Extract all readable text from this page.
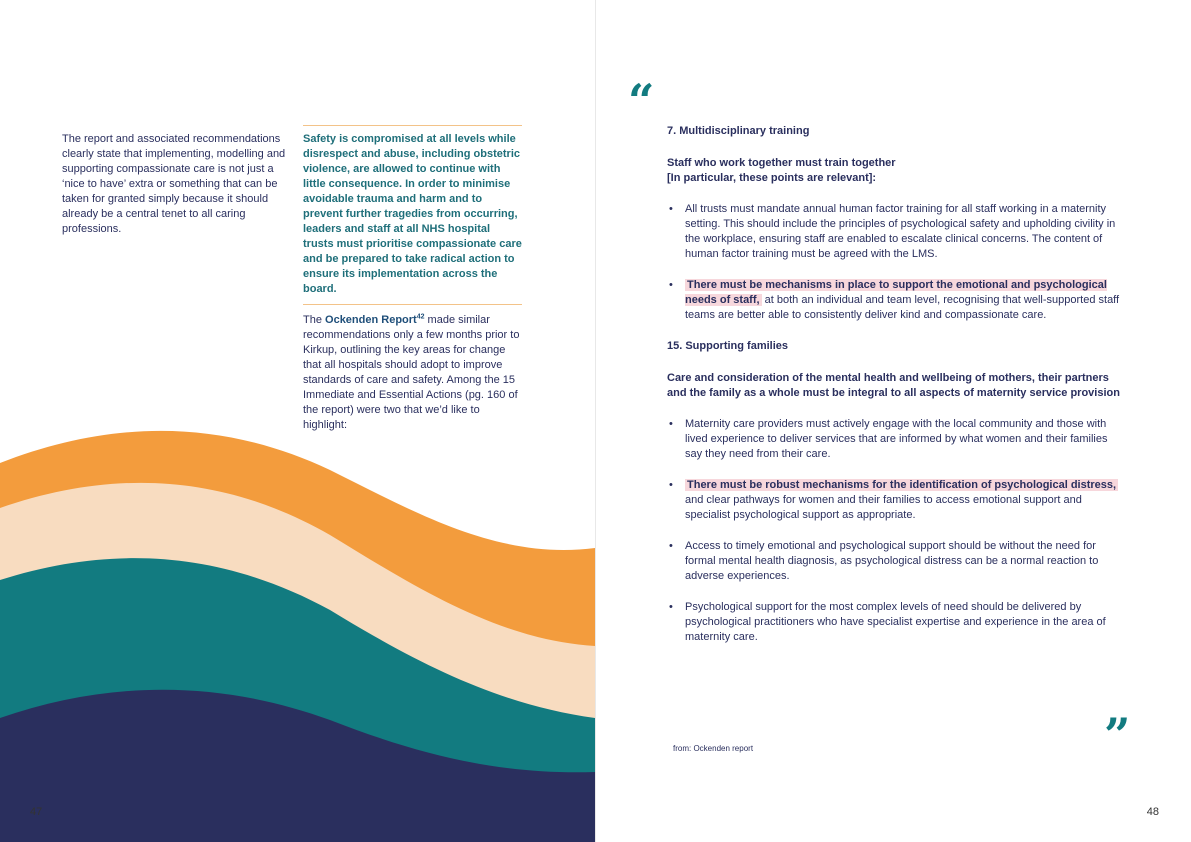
The report and associated recommendations clearly state that implementing, modelling and supporting compassionate care is not just a ‘nice to have’ extra or something that can be taken for granted simply because it should already be a central tenet to all caring professions.
Safety is compromised at all levels while disrespect and abuse, including obstetric violence, are allowed to continue with little consequence. In order to minimise avoidable trauma and harm and to prevent further tragedies from occurring, leaders and staff at all NHS hospital trusts must prioritise compassionate care and be prepared to take radical action to ensure its implementation across the board.
The Ockenden Report$^{42}$ made similar recommendations only a few months prior to Kirkup, outlining the key areas for change that all hospitals should adopt to improve standards of care and safety. Among the 15 Immediate and Essential Actions (pg. 160 of the report) were two that we’d like to highlight:
47
“

7. Multidisciplinary training

Staff who work together must train together
[In particular, these points are relevant]:

• All trusts must mandate annual human factor training for all staff working in a maternity setting. This should include the principles of psychological safety and upholding civility in the workplace, ensuring staff are enabled to escalate clinical concerns. The content of human factor training must be agreed with the LMS.
• There must be mechanisms in place to support the emotional and psychological needs of staff, at both an individual and team level, recognising that well-supported staff teams are better able to consistently deliver kind and compassionate care.

15. Supporting families

Care and consideration of the mental health and wellbeing of mothers, their partners and the family as a whole must be integral to all aspects of maternity service provision

• Maternity care providers must actively engage with the local community and those with lived experience to deliver services that are informed by what women and their families say they need from their care.
• There must be robust mechanisms for the identification of psychological distress, and clear pathways for women and their families to access emotional support and specialist psychological support as appropriate.
• Access to timely emotional and psychological support should be without the need for formal mental health diagnosis, as psychological distress can be a normal reaction to adverse experiences.
• Psychological support for the most complex levels of need should be delivered by psychological practitioners who have specialist expertise and experience in the area of maternity care.
”
from: Ockenden report
48
